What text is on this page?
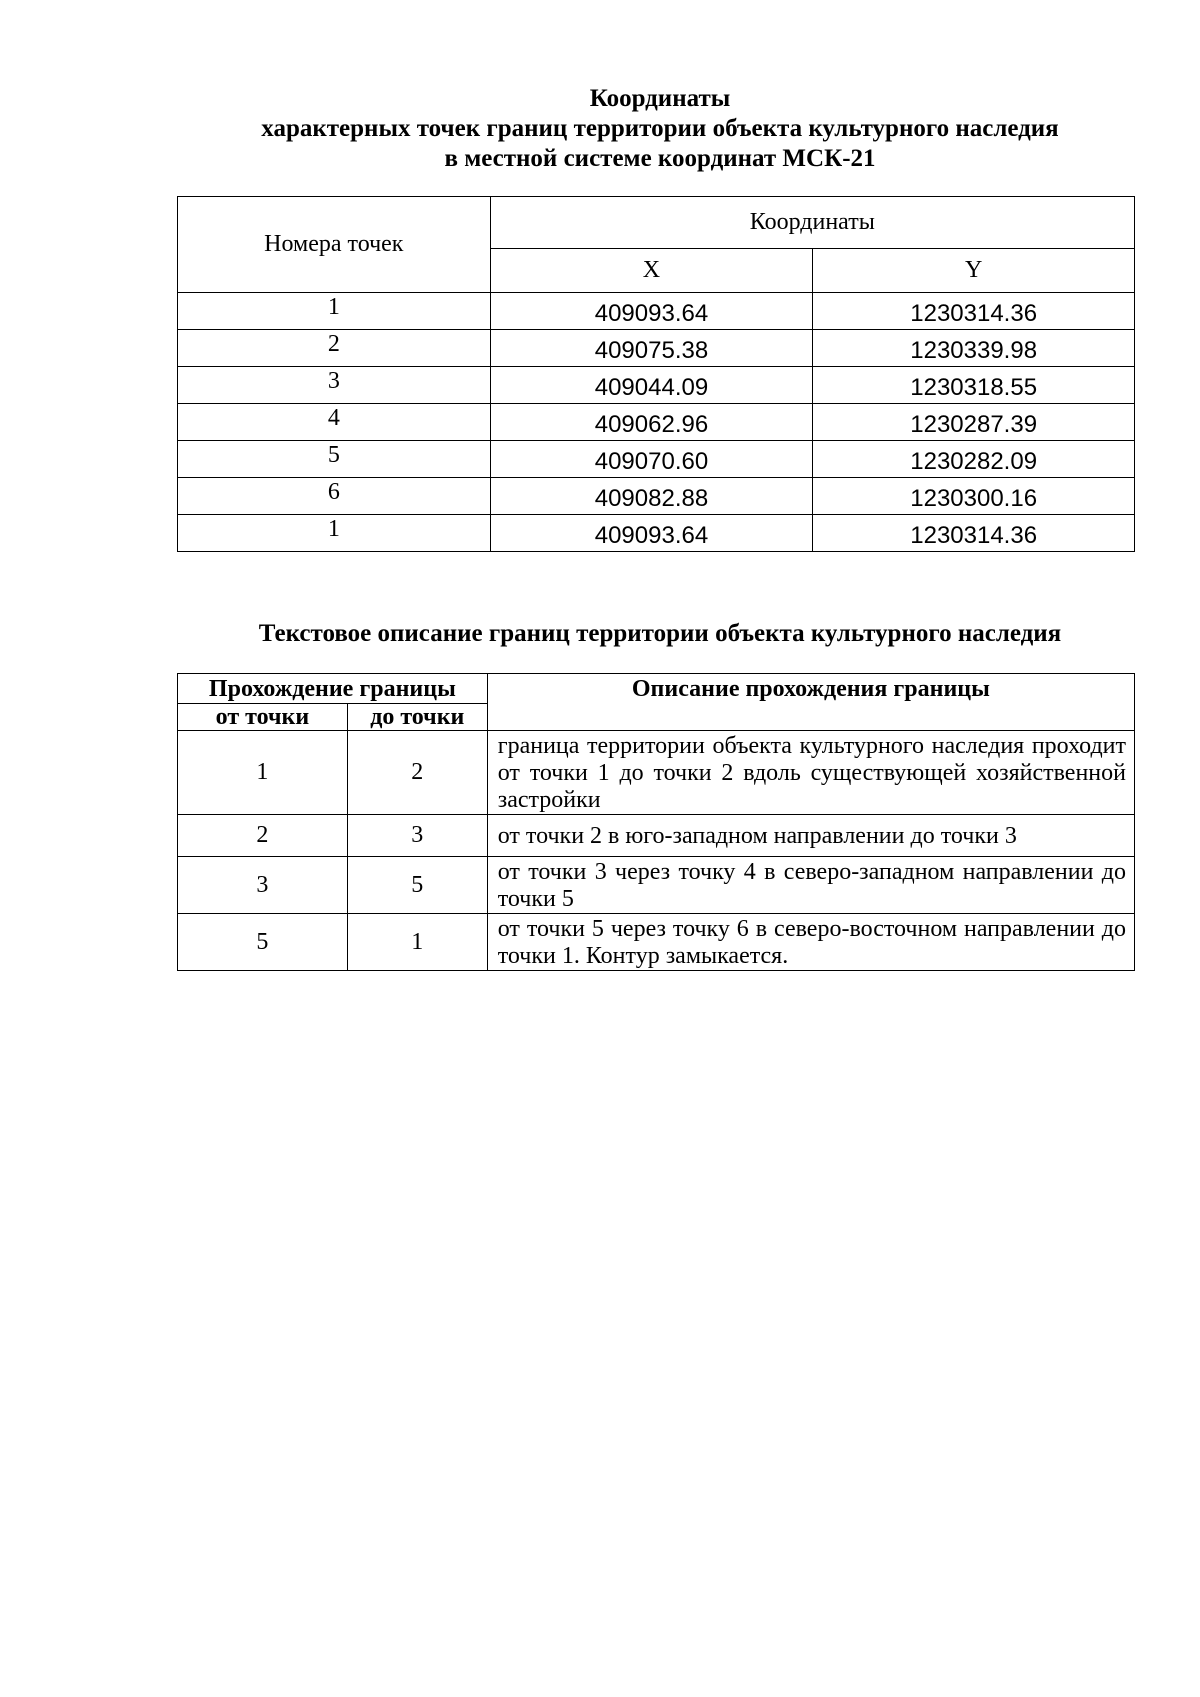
Координаты
характерных точек границ территории объекта культурного наследия
в местной системе координат МСК-21
Номера точек	Координаты	
	X	Y
1	409093.64	1230314.36
2	409075.38	1230339.98
3	409044.09	1230318.55
4	409062.96	1230287.39
5	409070.60	1230282.09
6	409082.88	1230300.16
1	409093.64	1230314.36
Текстовое описание границ территории объекта культурного наследия
Прохождение границы		Описание прохождения границы
от точки	до точки	
1	2	граница территории объекта культурного наследия проходит от точки 1 до точки 2 вдоль существующей хозяйственной застройки
2	3	от точки 2 в юго-западном направлении до точки 3
3	5	от точки 3 через точку 4 в северо-западном направлении до точки 5
5	1	от точки 5 через точку 6 в северо-восточном направлении до точки 1. Контур замыкается.
